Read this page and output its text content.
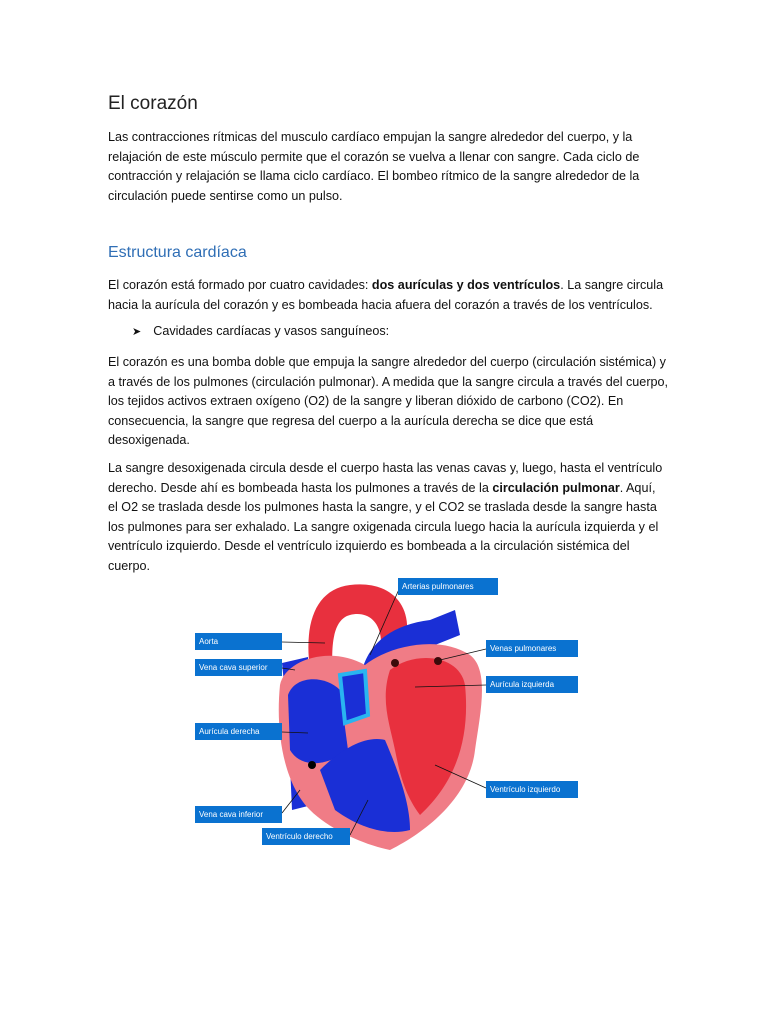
El corazón

Las contracciones rítmicas del musculo cardíaco empujan la sangre alrededor del cuerpo, y la relajación de este músculo permite que el corazón se vuelva a llenar con sangre. Cada ciclo de contracción y relajación se llama ciclo cardíaco. El bombeo rítmico de la sangre alrededor de la circulación puede sentirse como un pulso.

Estructura cardíaca

El corazón está formado por cuatro cavidades: dos aurículas y dos ventrículos. La sangre circula hacia la aurícula del corazón y es bombeada hacia afuera del corazón a través de los ventrículos.

➤ Cavidades cardíacas y vasos sanguíneos:

El corazón es una bomba doble que empuja la sangre alrededor del cuerpo (circulación sistémica) y a través de los pulmones (circulación pulmonar). A medida que la sangre circula a través del cuerpo, los tejidos activos extraen oxígeno (O2) de la sangre y liberan dióxido de carbono (CO2). En consecuencia, la sangre que regresa del cuerpo a la aurícula derecha se dice que está desoxigenada.

La sangre desoxigenada circula desde el cuerpo hasta las venas cavas y, luego, hasta el ventrículo derecho. Desde ahí es bombeada hasta los pulmones a través de la circulación pulmonar. Aquí, el O2 se traslada desde los pulmones hasta la sangre, y el CO2 se traslada desde la sangre hasta los pulmones para ser exhalado. La sangre oxigenada circula luego hacia la aurícula izquierda y el ventrículo izquierdo. Desde el ventrículo izquierdo es bombeada a la circulación sistémica del cuerpo.

Arterias pulmonares
Aorta
Venas pulmonares
Vena cava superior
Aurícula izquierda
Aurícula derecha
Ventrículo izquierdo
Vena cava inferior
Ventrículo derecho
